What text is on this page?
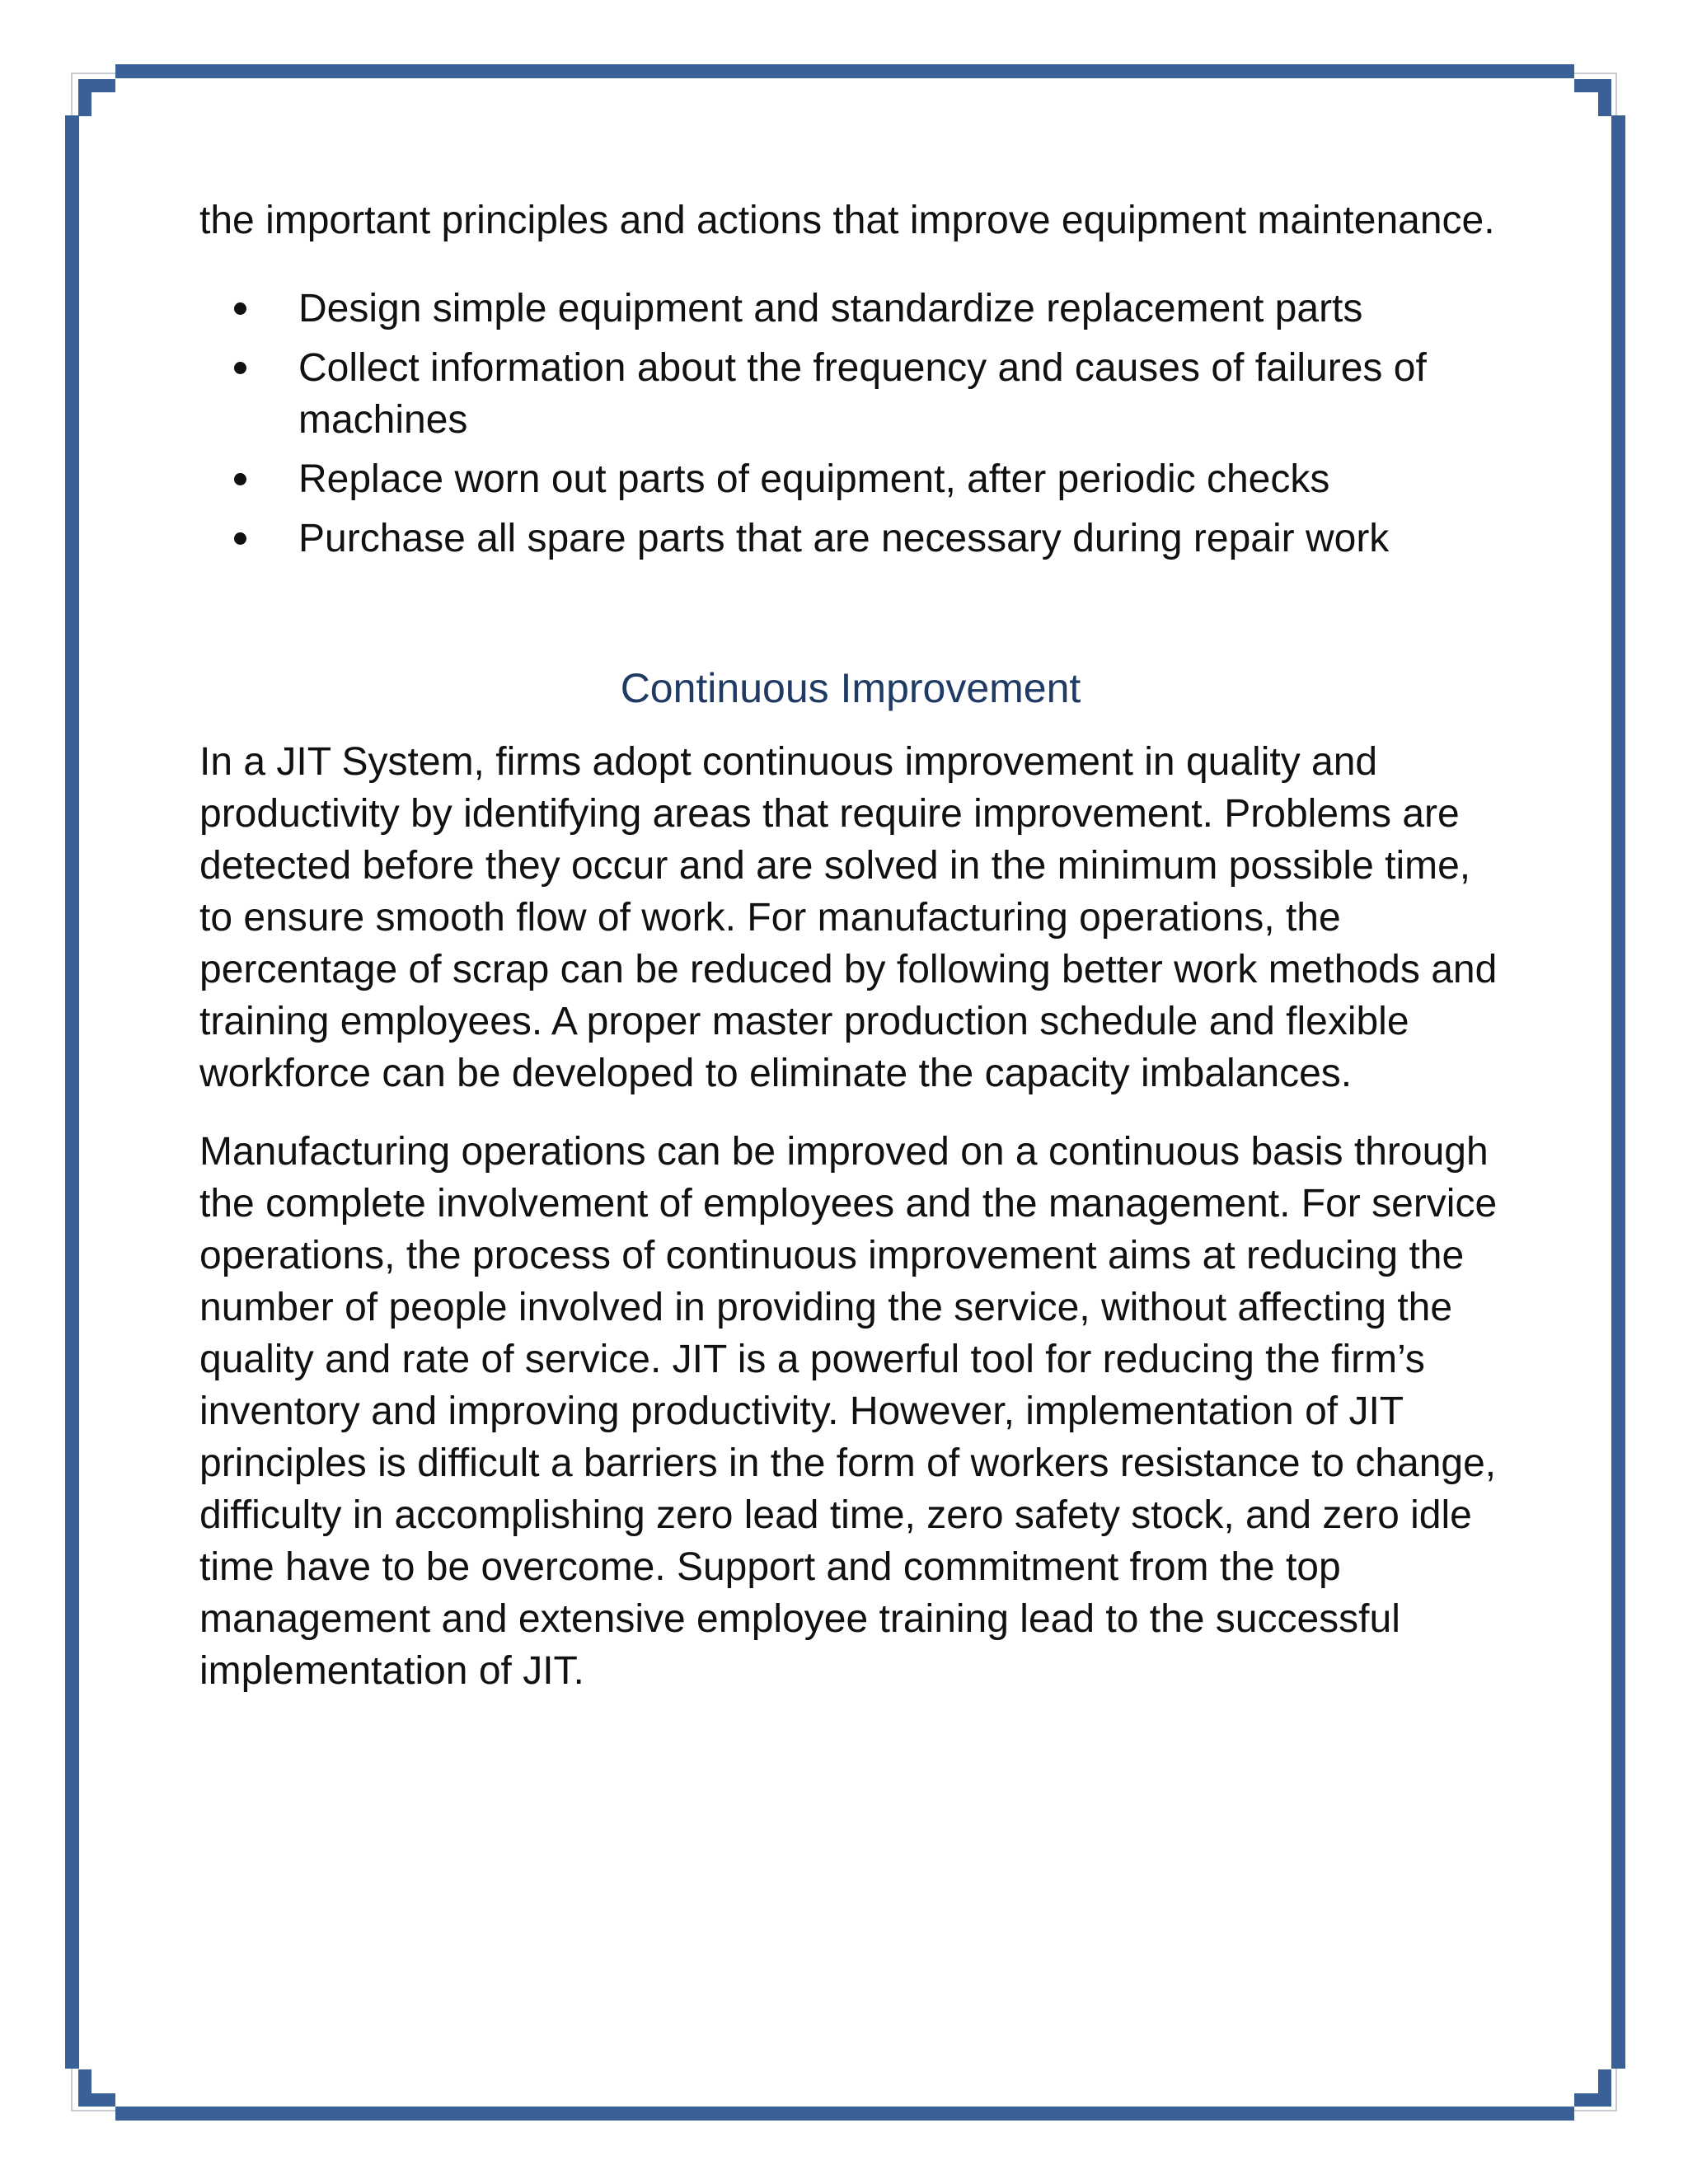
the important principles and actions that improve equipment maintenance.

Design simple equipment and standardize replacement parts
Collect information about the frequency and causes of failures of machines
Replace worn out parts of equipment, after periodic checks
Purchase all spare parts that are necessary during repair work
Continuous Improvement

In a JIT System, firms adopt continuous improvement in quality and productivity by identifying areas that require improvement. Problems are detected before they occur and are solved in the minimum possible time, to ensure smooth flow of work. For manufacturing operations, the percentage of scrap can be reduced by following better work methods and training employees. A proper master production schedule and flexible workforce can be developed to eliminate the capacity imbalances.

Manufacturing operations can be improved on a continuous basis through the complete involvement of employees and the management. For service operations, the process of continuous improvement aims at reducing the number of people involved in providing the service, without affecting the quality and rate of service. JIT is a powerful tool for reducing the firm’s inventory and improving productivity. However, implementation of JIT principles is difficult a barriers in the form of workers resistance to change, difficulty in accomplishing zero lead time, zero safety stock, and zero idle time have to be overcome. Support and commitment from the top management and extensive employee training lead to the successful implementation of JIT.
